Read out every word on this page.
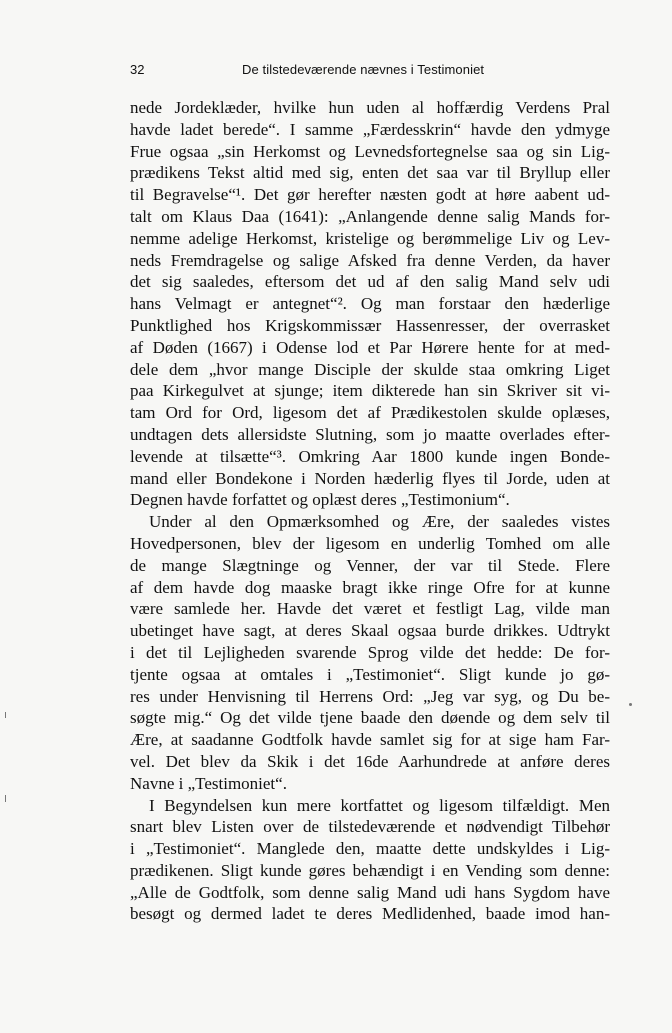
32	De tilstedeværende nævnes i Testimoniet
nede Jordeklæder, hvilke hun uden al hoffærdig Verdens Pral
havde ladet berede“. I samme „Færdesskrin“ havde den ydmyge
Frue ogsaa „sin Herkomst og Levnedsfortegnelse saa og sin Lig-
prædikens Tekst altid med sig, enten det saa var til Bryllup eller
til Begravelse“¹. Det gør herefter næsten godt at høre aabent ud-
talt om Klaus Daa (1641): „Anlangende denne salig Mands for-
nemme adelige Herkomst, kristelige og berømmelige Liv og Lev-
neds Fremdragelse og salige Afsked fra denne Verden, da haver
det sig saaledes, eftersom det ud af den salig Mand selv udi
hans Velmagt er antegnet“². Og man forstaar den hæderlige
Punktlighed hos Krigskommissær Hassenresser, der overrasket
af Døden (1667) i Odense lod et Par Hørere hente for at med-
dele dem „hvor mange Disciple der skulde staa omkring Liget
paa Kirkegulvet at sjunge; item dikterede han sin Skriver sit vi-
tam Ord for Ord, ligesom det af Prædikestolen skulde oplæses,
undtagen dets allersidste Slutning, som jo maatte overlades efter-
levende at tilsætte“³. Omkring Aar 1800 kunde ingen Bonde-
mand eller Bondekone i Norden hæderlig flyes til Jorde, uden at
Degnen havde forfattet og oplæst deres „Testimonium“.
Under al den Opmærksomhed og Ære, der saaledes vistes
Hovedpersonen, blev der ligesom en underlig Tomhed om alle
de mange Slægtninge og Venner, der var til Stede. Flere
af dem havde dog maaske bragt ikke ringe Ofre for at kunne
være samlede her. Havde det været et festligt Lag, vilde man
ubetinget have sagt, at deres Skaal ogsaa burde drikkes. Udtrykt
i det til Lejligheden svarende Sprog vilde det hedde: De for-
tjente ogsaa at omtales i „Testimoniet“. Sligt kunde jo gø-
res under Henvisning til Herrens Ord: „Jeg var syg, og Du be-
søgte mig.“ Og det vilde tjene baade den døende og dem selv til
Ære, at saadanne Godtfolk havde samlet sig for at sige ham Far-
vel. Det blev da Skik i det 16de Aarhundrede at anføre deres
Navne i „Testimoniet“.
I Begyndelsen kun mere kortfattet og ligesom tilfældigt. Men
snart blev Listen over de tilstedeværende et nødvendigt Tilbehør
i „Testimoniet“. Manglede den, maatte dette undskyldes i Lig-
prædikenen. Sligt kunde gøres behændigt i en Vending som denne:
„Alle de Godtfolk, som denne salig Mand udi hans Sygdom have
besøgt og dermed ladet te deres Medlidenhed, baade imod han-
